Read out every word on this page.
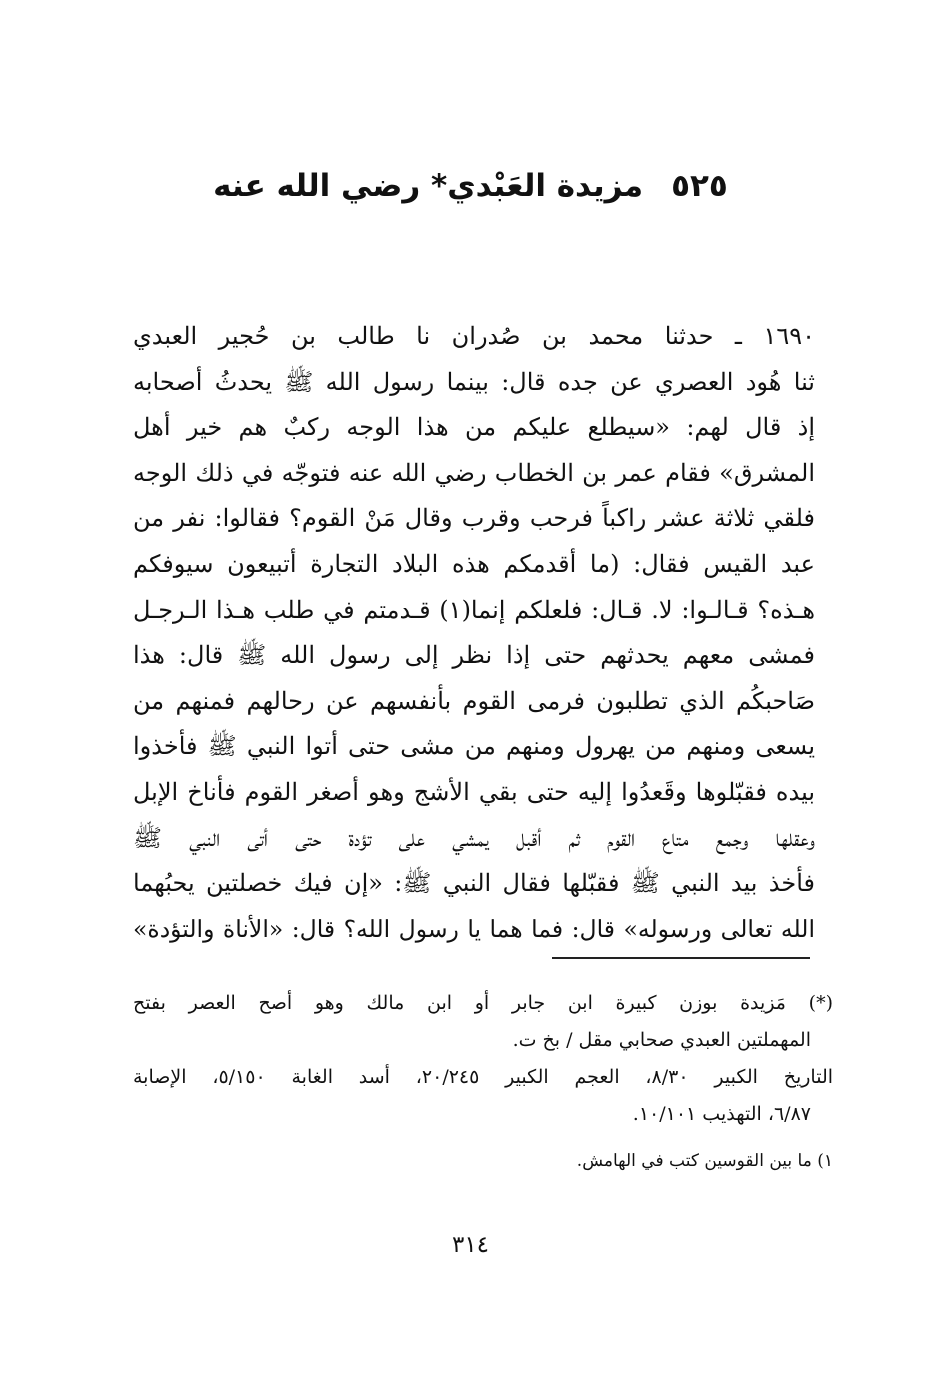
٥٢٥مزيدة العَبْدي* رضي الله عنه
١٦٩٠ ـ حدثنا محمد بن صُدران نا طالب بن حُجير العبدي
ثنا هُود العصري عن جده قال: بينما رسول الله ﷺ يحدثُ أصحابه
إذ قال لهم: «سيطلع عليكم من هذا الوجه ركبٌ هم خير أهل
المشرق» فقام عمر بن الخطاب رضي الله عنه فتوجّه في ذلك الوجه
فلقي ثلاثة عشر راكباً فرحب وقرب وقال مَنْ القوم؟ فقالوا: نفر من
عبد القيس فقال: (ما أقدمكم هذه البلاد التجارة أتبيعون سيوفكم
هـذه؟ قـالـوا: لا. قـال: فلعلكم إنما(١) قـدمتم في طلب هـذا الـرجـل
فمشى معهم يحدثهم حتى إذا نظر إلى رسول الله ﷺ قال: هذا
صَاحبكُم الذي تطلبون فرمى القوم بأنفسهم عن رحالهم فمنهم من
يسعى ومنهم من يهرول ومنهم من مشى حتى أتوا النبي ﷺ فأخذوا
بيده فقبّلوها وقَعدُوا إليه حتى بقي الأشج وهو أصغر القوم فأناخ الإبل
وعقلها وجمع متاع القوم ثم أقبل يمشي على تؤدة حتى أتى النبي ﷺ
فأخذ بيد النبي ﷺ فقبّلها فقال النبي ﷺ: «إن فيك خصلتين يحبُهما
الله تعالى ورسوله» قال: فما هما يا رسول الله؟ قال: «الأناة والتؤدة»
(*) مَزيدة بوزن كبيرة ابن جابر أو ابن مالك وهو أصح العصر بفتح
المهملتين العبدي صحابي مقل / بخ ت.
التاريخ الكبير ٨/٣٠، العجم الكبير ٢٠/٢٤٥، أسد الغابة ٥/١٥٠، الإصابة
٦/٨٧، التهذيب ١٠/١٠١.
١) ما بين القوسين كتب في الهامش.
٣١٤
